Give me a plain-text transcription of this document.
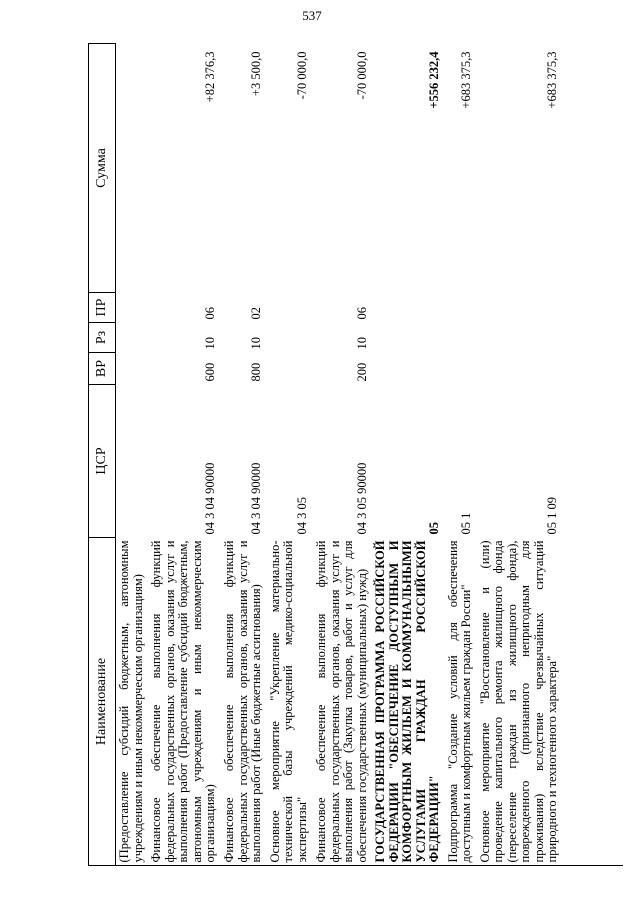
537
Наименование	ЦСР	ВР	Рз	ПР	Сумма
(Предоставление субсидий бюджетным, автономным учреждениям и иным некоммерческим организациям)					
Финансовое обеспечение выполнения функций федеральных государственных органов, оказания услуг и выполнения работ (Предоставление субсидий бюджетным, автономным учреждениям и иным некоммерческим организациям)	04 3 04 90000	600	10	06	+82 376,3
Финансовое обеспечение выполнения функций федеральных государственных органов, оказания услуг и выполнения работ (Иные бюджетные ассигнования)	04 3 04 90000	800	10	02	+3 500,0
Основное мероприятие "Укрепление материально-технической базы учреждений медико-социальной экспертизы"	04 3 05				-70 000,0
Финансовое обеспечение выполнения функций федеральных государственных органов, оказания услуг и выполнения работ (Закупка товаров, работ и услуг для обеспечения государственных (муниципальных) нужд)	04 3 05 90000	200	10	06	-70 000,0
ГОСУДАРСТВЕННАЯ ПРОГРАММА РОССИЙСКОЙ ФЕДЕРАЦИИ "ОБЕСПЕЧЕНИЕ ДОСТУПНЫМ И КОМФОРТНЫМ ЖИЛЬЕМ И КОММУНАЛЬНЫМИ УСЛУГАМИ ГРАЖДАН РОССИЙСКОЙ ФЕДЕРАЦИИ"	05				+556 232,4
Подпрограмма "Создание условий для обеспечения доступным и комфортным жильем граждан России"	05 1				+683 375,3
Основное мероприятие "Восстановление и (или) проведение капитального ремонта жилищного фонда (переселение граждан из жилищного фонда), поврежденного (признанного непригодным для проживания) вследствие чрезвычайных ситуаций природного и техногенного характера"	05 1 09				+683 375,3
